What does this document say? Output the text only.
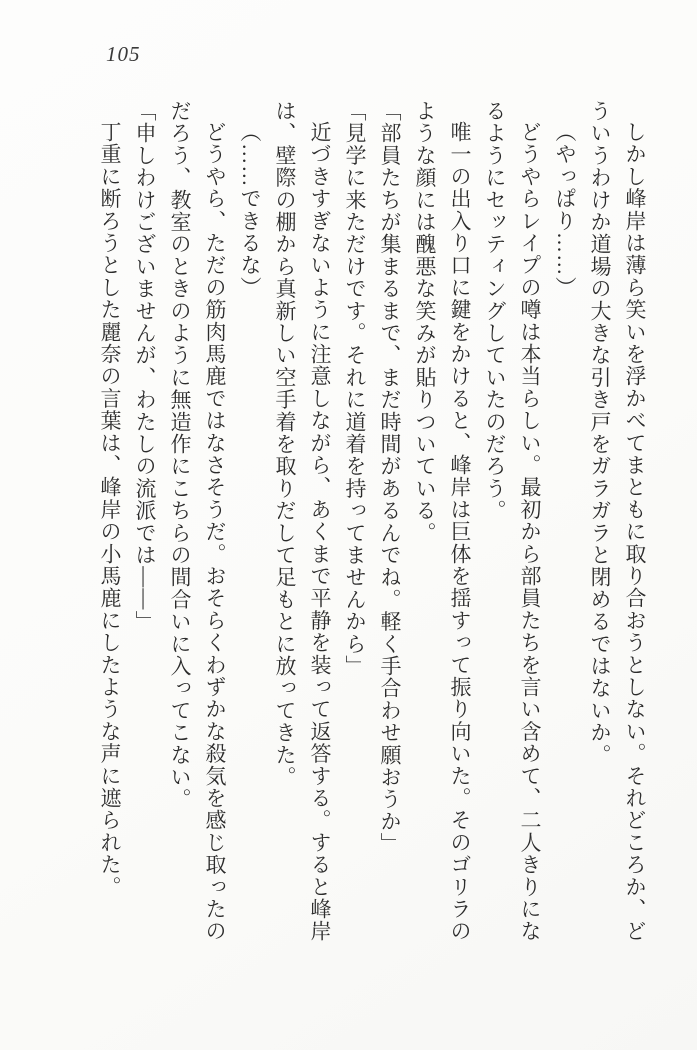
105

しかし峰岸は薄ら笑いを浮かべてまともに取り合おうとしない。それどころか、どういうわけか道場の大きな引き戸をガラガラと閉めるではないか。

（やっぱり……）

どうやらレイプの噂は本当らしい。最初から部員たちを言い含めて、二人きりになるようにセッティングしていたのだろう。

唯一の出入り口に鍵をかけると、峰岸は巨体を揺すって振り向いた。そのゴリラのような顔には醜悪な笑みが貼りついている。

「部員たちが集まるまで、まだ時間があるんでね。軽く手合わせ願おうか」

「見学に来ただけです。それに道着を持ってませんから」

近づきすぎないように注意しながら、あくまで平静を装って返答する。すると峰岸は、壁際の棚から真新しい空手着を取りだして足もとに放ってきた。

（……できるな）

どうやら、ただの筋肉馬鹿ではなさそうだ。おそらくわずかな殺気を感じ取ったのだろう、教室のときのように無造作にこちらの間合いに入ってこない。

「申しわけございませんが、わたしの流派では——」

丁重に断ろうとした麗奈の言葉は、峰岸の小馬鹿にしたような声に遮られた。
